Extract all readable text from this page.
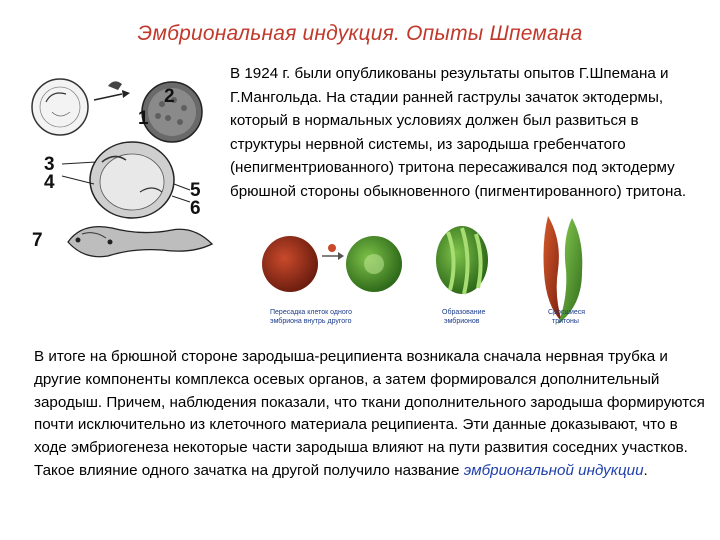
Эмбриональная индукция. Опыты Шпемана
1
2
3
4	5
6
7
В 1924 г. были опубликованы результаты опытов Г.Шпемана и Г.Мангольда. На стадии ранней гаструлы зачаток эктодермы, который в нормальных условиях должен был развиться в структуры нервной системы, из зародыша гребенчатого (непигментриованного) тритона пересаживался под эктодерму брюшной стороны обыкновенного (пигментированного) тритона.
Пересадка клеток одного
эмбриона внутрь другого
Образование
эмбрионов
Сросшиеся
тритоны
В итоге на брюшной стороне зародыша-реципиента возникала сначала нервная трубка и другие компоненты комплекса осевых органов, а затем формировался дополнительный зародыш. Причем, наблюдения показали, что ткани дополнительного зародыша формируются почти исключительно из клеточного материала реципиента. Эти данные доказывают, что в ходе эмбриогенеза некоторые части зародыша влияют на пути развития соседних участков. Такое влияние одного зачатка на другой получило название эмбриональной индукции.
